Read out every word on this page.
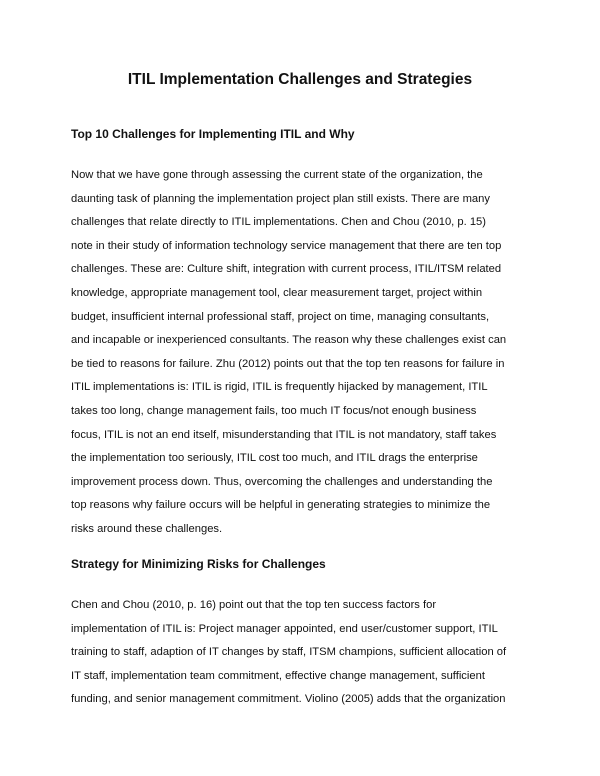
ITIL Implementation Challenges and Strategies
Top 10 Challenges for Implementing ITIL and Why

Now that we have gone through assessing the current state of the organization, the
daunting task of planning the implementation project plan still exists. There are many
challenges that relate directly to ITIL implementations. Chen and Chou (2010, p. 15)
note in their study of information technology service management that there are ten top
challenges. These are: Culture shift, integration with current process, ITIL/ITSM related
knowledge, appropriate management tool, clear measurement target, project within
budget, insufficient internal professional staff, project on time, managing consultants,
and incapable or inexperienced consultants. The reason why these challenges exist can
be tied to reasons for failure. Zhu (2012) points out that the top ten reasons for failure in
ITIL implementations is: ITIL is rigid, ITIL is frequently hijacked by management, ITIL
takes too long, change management fails, too much IT focus/not enough business
focus, ITIL is not an end itself, misunderstanding that ITIL is not mandatory, staff takes
the implementation too seriously, ITIL cost too much, and ITIL drags the enterprise
improvement process down. Thus, overcoming the challenges and understanding the
top reasons why failure occurs will be helpful in generating strategies to minimize the
risks around these challenges.

Strategy for Minimizing Risks for Challenges

Chen and Chou (2010, p. 16) point out that the top ten success factors for
implementation of ITIL is: Project manager appointed, end user/customer support, ITIL
training to staff, adaption of IT changes by staff, ITSM champions, sufficient allocation of
IT staff, implementation team commitment, effective change management, sufficient
funding, and senior management commitment. Violino (2005) adds that the organization
